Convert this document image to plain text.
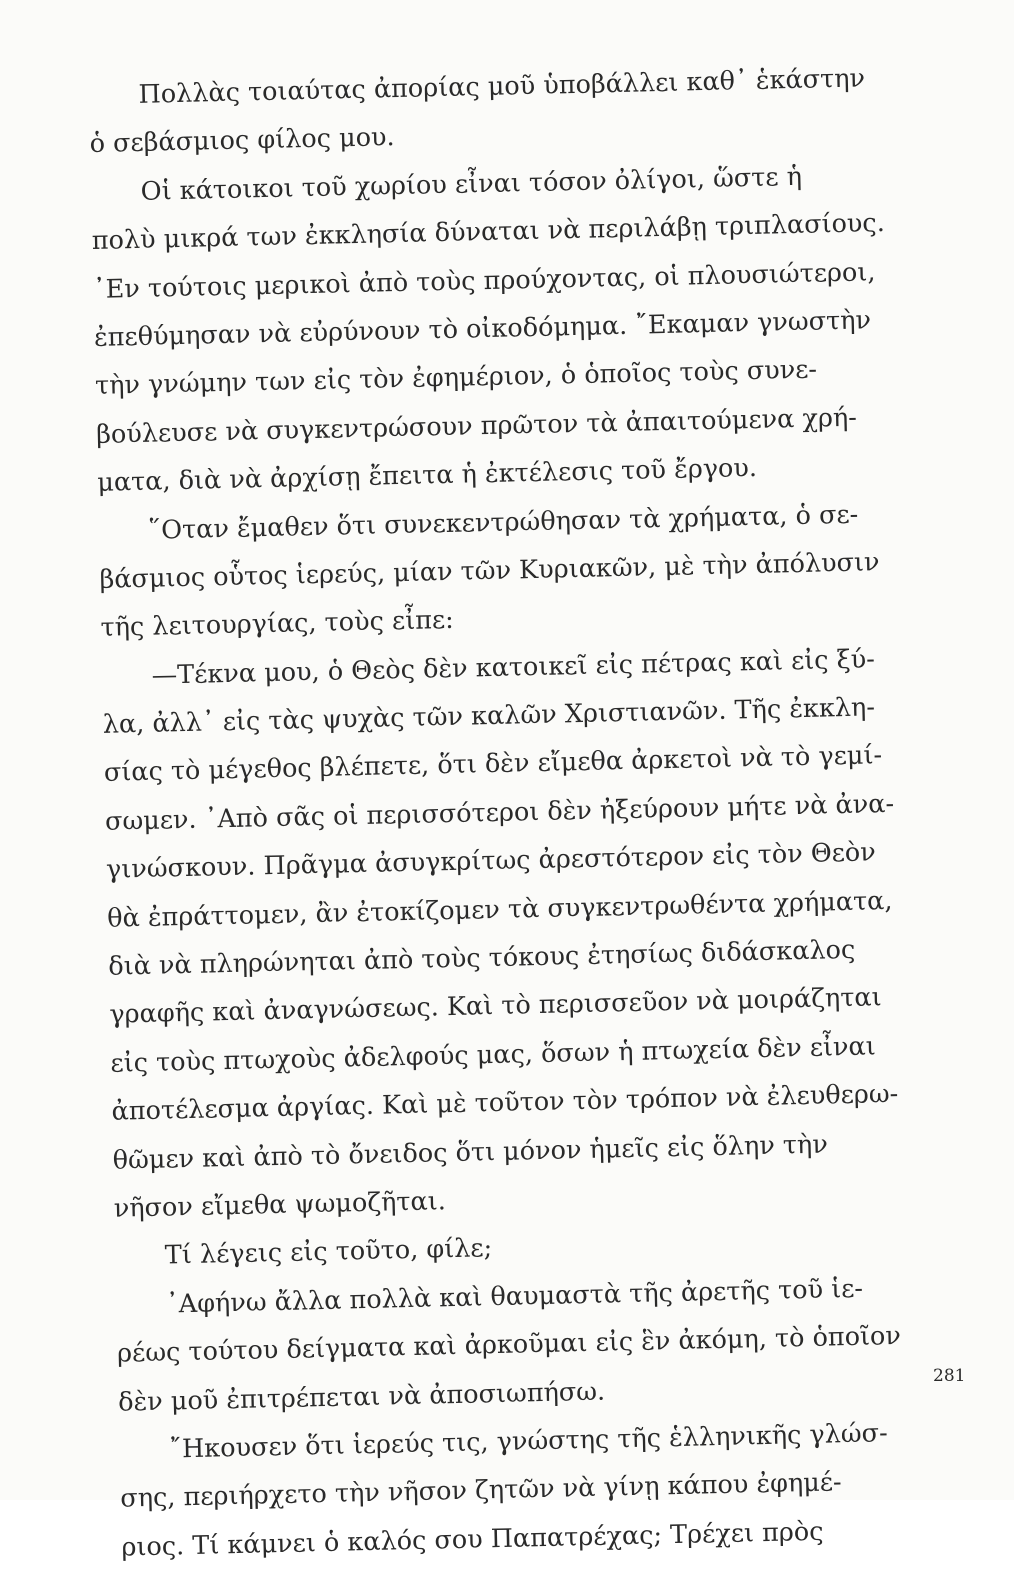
Πολλὰς τοιαύτας ἀπορίας μοῦ ὑποβάλλει καθ᾿ ἑκάστην
ὁ σεβάσμιος φίλος μου.
Οἱ κάτοικοι τοῦ χωρίου εἶναι τόσον ὀλίγοι, ὥστε ἡ
πολὺ μικρά των ἐκκλησία δύναται νὰ περιλάβῃ τριπλασίους.
᾿Εν τούτοις μερικοὶ ἀπὸ τοὺς προύχοντας, οἱ πλουσιώτεροι,
ἐπεθύμησαν νὰ εὐρύνουν τὸ οἰκοδόμημα. ῎Εκαμαν γνωστὴν
τὴν γνώμην των εἰς τὸν ἐφημέριον, ὁ ὁποῖος τοὺς συνε-
βούλευσε νὰ συγκεντρώσουν πρῶτον τὰ ἀπαιτούμενα χρή-
ματα, διὰ νὰ ἀρχίσῃ ἔπειτα ἡ ἐκτέλεσις τοῦ ἔργου.
῞Οταν ἔμαθεν ὅτι συνεκεντρώθησαν τὰ χρήματα, ὁ σε-
βάσμιος οὗτος ἱερεύς, μίαν τῶν Κυριακῶν, μὲ τὴν ἀπόλυσιν
τῆς λειτουργίας, τοὺς εἶπε:
—Τέκνα μου, ὁ Θεὸς δὲν κατοικεῖ εἰς πέτρας καὶ εἰς ξύ-
λα, ἀλλ᾿ εἰς τὰς ψυχὰς τῶν καλῶν Χριστιανῶν. Τῆς ἐκκλη-
σίας τὸ μέγεθος βλέπετε, ὅτι δὲν εἴμεθα ἀρκετοὶ νὰ τὸ γεμί-
σωμεν. ᾿Απὸ σᾶς οἱ περισσότεροι δὲν ἠξεύρουν μήτε νὰ ἀνα-
γινώσκουν. Πρᾶγμα ἀσυγκρίτως ἀρεστότερον εἰς τὸν Θεὸν
θὰ ἐπράττομεν, ἂν ἐτοκίζομεν τὰ συγκεντρωθέντα χρήματα,
διὰ νὰ πληρώνηται ἀπὸ τοὺς τόκους ἐτησίως διδάσκαλος
γραφῆς καὶ ἀναγνώσεως. Καὶ τὸ περισσεῦον νὰ μοιράζηται
εἰς τοὺς πτωχοὺς ἀδελφούς μας, ὅσων ἡ πτωχεία δὲν εἶναι
ἀποτέλεσμα ἀργίας. Καὶ μὲ τοῦτον τὸν τρόπον νὰ ἐλευθερω-
θῶμεν καὶ ἀπὸ τὸ ὄνειδος ὅτι μόνον ἡμεῖς εἰς ὅλην τὴν
νῆσον εἴμεθα ψωμοζῆται.
Τί λέγεις εἰς τοῦτο, φίλε;
᾿Αφήνω ἄλλα πολλὰ καὶ θαυμαστὰ τῆς ἀρετῆς τοῦ ἱε-
ρέως τούτου δείγματα καὶ ἀρκοῦμαι εἰς ἓν ἀκόμη, τὸ ὁποῖον
δὲν μοῦ ἐπιτρέπεται νὰ ἀποσιωπήσω.
῎Ηκουσεν ὅτι ἱερεύς τις, γνώστης τῆς ἑλληνικῆς γλώσ-
σης, περιήρχετο τὴν νῆσον ζητῶν νὰ γίνῃ κάπου ἐφημέ-
ριος. Τί κάμνει ὁ καλός σου Παπατρέχας; Τρέχει πρὸς
281
